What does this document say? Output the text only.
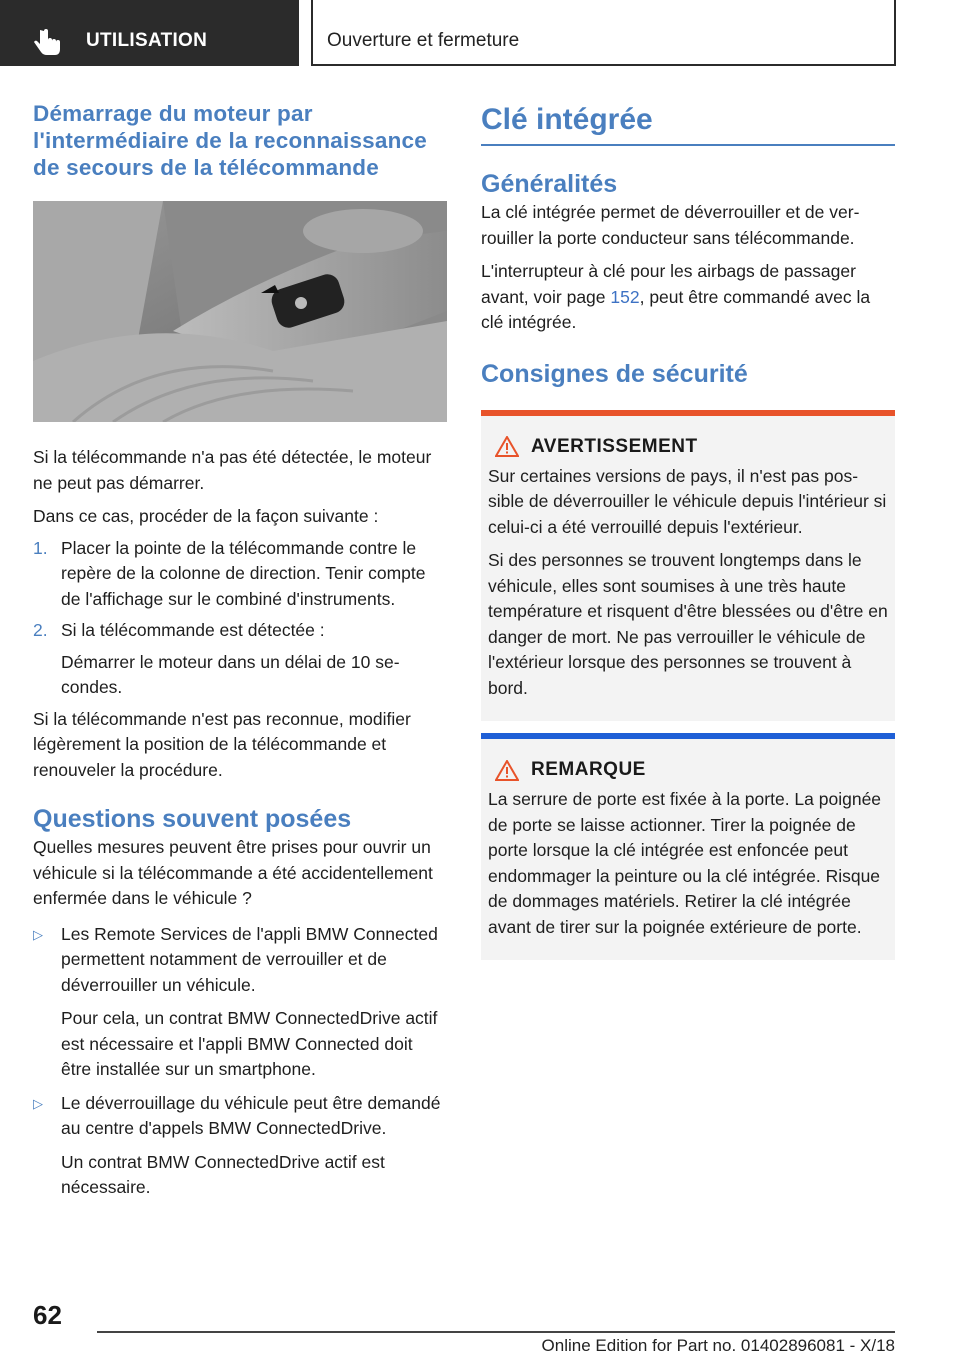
UTILISATION	Ouverture et fermeture
Démarrage du moteur par l'intermédiaire de la reconnaissance de secours de la télécommande

Si la télécommande n'a pas été détectée, le moteur ne peut pas démarrer.

Dans ce cas, procéder de la façon suivante :

1. Placer la pointe de la télécommande contre le repère de la colonne de direction. Tenir compte de l'affichage sur le combiné d'instruments.
2. Si la télécommande est détectée :

Démarrer le moteur dans un délai de 10 secondes.

Si la télécommande n'est pas reconnue, modifier légèrement la position de la télécommande et renouveler la procédure.

Questions souvent posées

Quelles mesures peuvent être prises pour ouvrir un véhicule si la télécommande a été accidentellement enfermée dans le véhicule ?

▷ Les Remote Services de l'appli BMW Connected permettent notamment de verrouiller et de déverrouiller un véhicule.

Pour cela, un contrat BMW ConnectedDrive actif est nécessaire et l'appli BMW Connected doit être installée sur un smartphone.

▷ Le déverrouillage du véhicule peut être demandé au centre d'appels BMW ConnectedDrive.

Un contrat BMW ConnectedDrive actif est nécessaire.

Clé intégrée
Généralités

La clé intégrée permet de déverrouiller et de verrouiller la porte conducteur sans télécommande.

L'interrupteur à clé pour les airbags de passager avant, voir page 152, peut être commandé avec la clé intégrée.

Consignes de sécurité
AVERTISSEMENT

Sur certaines versions de pays, il n'est pas possible de déverrouiller le véhicule depuis l'intérieur si celui-ci a été verrouillé depuis l'extérieur.

Si des personnes se trouvent longtemps dans le véhicule, elles sont soumises à une très haute température et risquent d'être blessées ou d'être en danger de mort. Ne pas verrouiller le véhicule de l'extérieur lorsque des personnes se trouvent à bord.

REMARQUE

La serrure de porte est fixée à la porte. La poignée de porte se laisse actionner. Tirer la poignée de porte lorsque la clé intégrée est enfoncée peut endommager la peinture ou la clé intégrée. Risque de dommages matériels. Retirer la clé intégrée avant de tirer sur la poignée extérieure de porte.

62
Online Edition for Part no. 01402896081 - X/18
